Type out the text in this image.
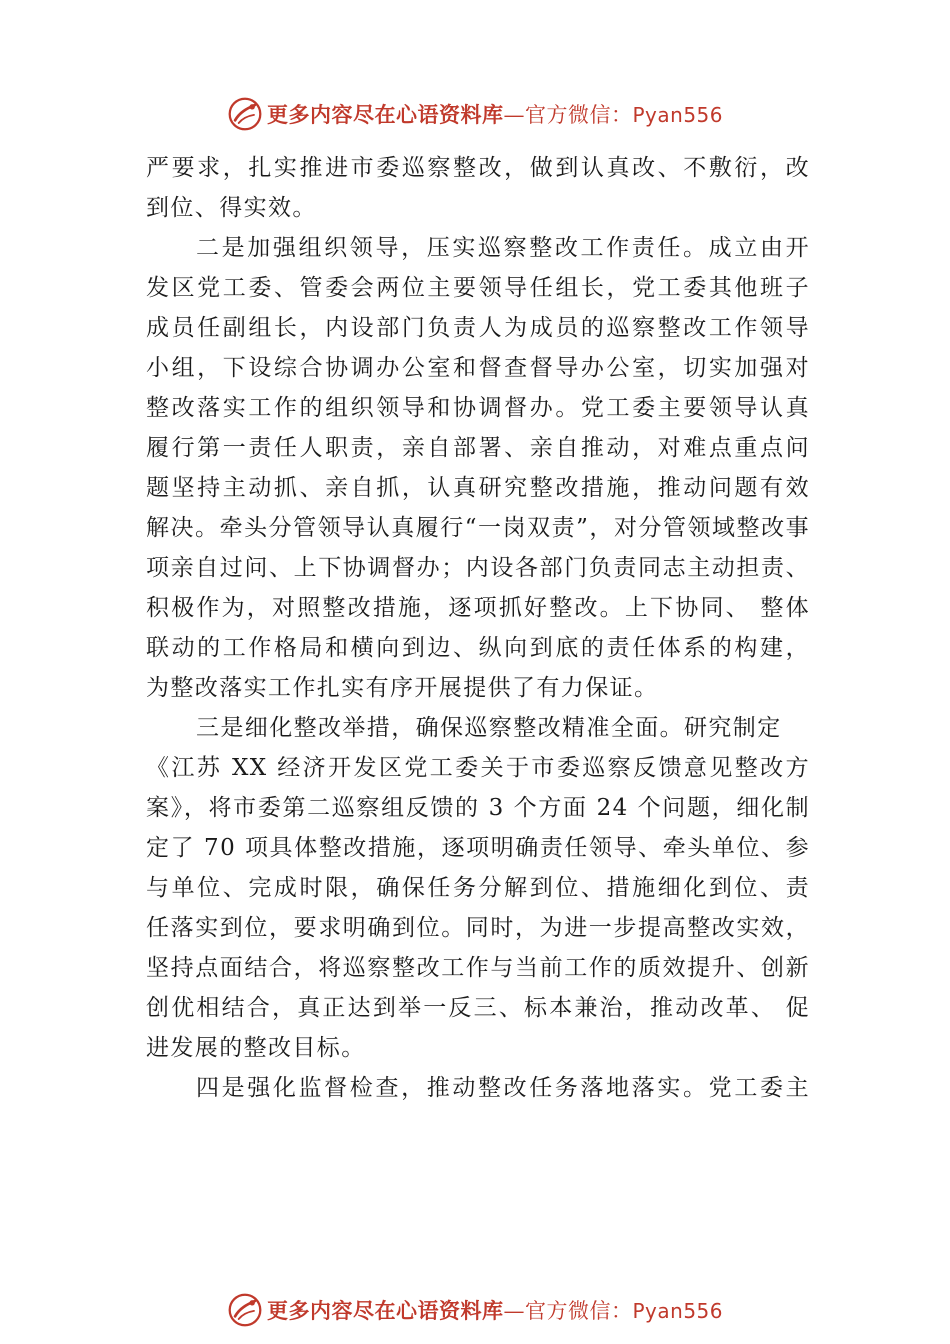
更多内容尽在心语资料库—官方微信：Pyan556
严要求，扎实推进市委巡察整改，做到认真改、不敷衍，改
到位、得实效。
二是加强组织领导，压实巡察整改工作责任。成立由开
发区党工委、管委会两位主要领导任组长，党工委其他班子
成员任副组长，内设部门负责人为成员的巡察整改工作领导
小组，下设综合协调办公室和督查督导办公室，切实加强对
整改落实工作的组织领导和协调督办。党工委主要领导认真
履行第一责任人职责，亲自部署、亲自推动，对难点重点问
题坚持主动抓、亲自抓，认真研究整改措施，推动问题有效
解决。牵头分管领导认真履行“一岗双责”，对分管领域整改事
项亲自过问、上下协调督办；内设各部门负责同志主动担责、
积极作为，对照整改措施，逐项抓好整改。上下协同、 整体
联动的工作格局和横向到边、纵向到底的责任体系的构建，
为整改落实工作扎实有序开展提供了有力保证。
三是细化整改举措，确保巡察整改精准全面。研究制定
《江苏 XX 经济开发区党工委关于市委巡察反馈意见整改方
案》，将市委第二巡察组反馈的 3 个方面 24 个问题，细化制
定了 70 项具体整改措施，逐项明确责任领导、牵头单位、参
与单位、完成时限，确保任务分解到位、措施细化到位、责
任落实到位，要求明确到位。同时，为进一步提高整改实效，
坚持点面结合，将巡察整改工作与当前工作的质效提升、创新
创优相结合，真正达到举一反三、标本兼治，推动改革、 促
进发展的整改目标。
四是强化监督检查，推动整改任务落地落实。党工委主
更多内容尽在心语资料库—官方微信：Pyan556
